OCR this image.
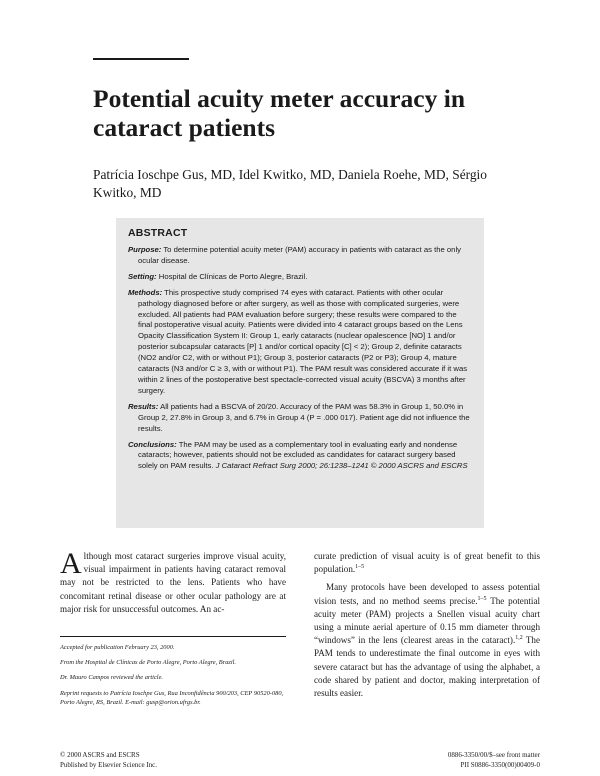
Potential acuity meter accuracy in cataract patients

Patrícia Ioschpe Gus, MD, Idel Kwitko, MD, Daniela Roehe, MD, Sérgio Kwitko, MD

ABSTRACT

Purpose: To determine potential acuity meter (PAM) accuracy in patients with cataract as the only ocular disease.

Setting: Hospital de Clínicas de Porto Alegre, Brazil.

Methods: This prospective study comprised 74 eyes with cataract. Patients with other ocular pathology diagnosed before or after surgery, as well as those with complicated surgeries, were excluded. All patients had PAM evaluation before surgery; these results were compared to the final postoperative visual acuity. Patients were divided into 4 cataract groups based on the Lens Opacity Classification System II: Group 1, early cataracts (nuclear opalescence [NO] 1 and/or posterior subcapsular cataracts [P] 1 and/or cortical opacity [C] < 2); Group 2, definite cataracts (NO2 and/or C2, with or without P1); Group 3, posterior cataracts (P2 or P3); Group 4, mature cataracts (N3 and/or C ≥ 3, with or without P1). The PAM result was considered accurate if it was within 2 lines of the postoperative best spectacle-corrected visual acuity (BSCVA) 3 months after surgery.

Results: All patients had a BSCVA of 20/20. Accuracy of the PAM was 58.3% in Group 1, 50.0% in Group 2, 27.8% in Group 3, and 6.7% in Group 4 (P = .000 017). Patient age did not influence the results.

Conclusions: The PAM may be used as a complementary tool in evaluating early and nondense cataracts; however, patients should not be excluded as candidates for cataract surgery based solely on PAM results. J Cataract Refract Surg 2000; 26:1238–1241 © 2000 ASCRS and ESCRS

Although most cataract surgeries improve visual acuity, visual impairment in patients having cataract removal may not be restricted to the lens. Patients who have concomitant retinal disease or other ocular pathology are at major risk for unsuccessful outcomes. An ac-

Accepted for publication February 23, 2000.

From the Hospital de Clínicas de Porto Alegre, Porto Alegre, Brazil.

Dr. Mauro Campos reviewed the article.

Reprint requests to Patrícia Ioschpe Gus, Rua Inconfidência 900/203, CEP 90520-080, Porto Alegre, RS, Brazil. E-mail: gusp@orion.ufrgs.br.

curate prediction of visual acuity is of great benefit to this population.$^{1-5}$

Many protocols have been developed to assess potential vision tests, and no method seems precise.$^{1-5}$ The potential acuity meter (PAM) projects a Snellen visual acuity chart using a minute aerial aperture of 0.15 mm diameter through “windows” in the lens (clearest areas in the cataract).$^{1,2}$ The PAM tends to underestimate the final outcome in eyes with severe cataract but has the advantage of using the alphabet, a code shared by patient and doctor, making interpretation of results easier.

© 2000 ASCRS and ESCRS
Published by Elsevier Science Inc.
0886-3350/00/$–see front matter
PII S0886-3350(00)00409-0
